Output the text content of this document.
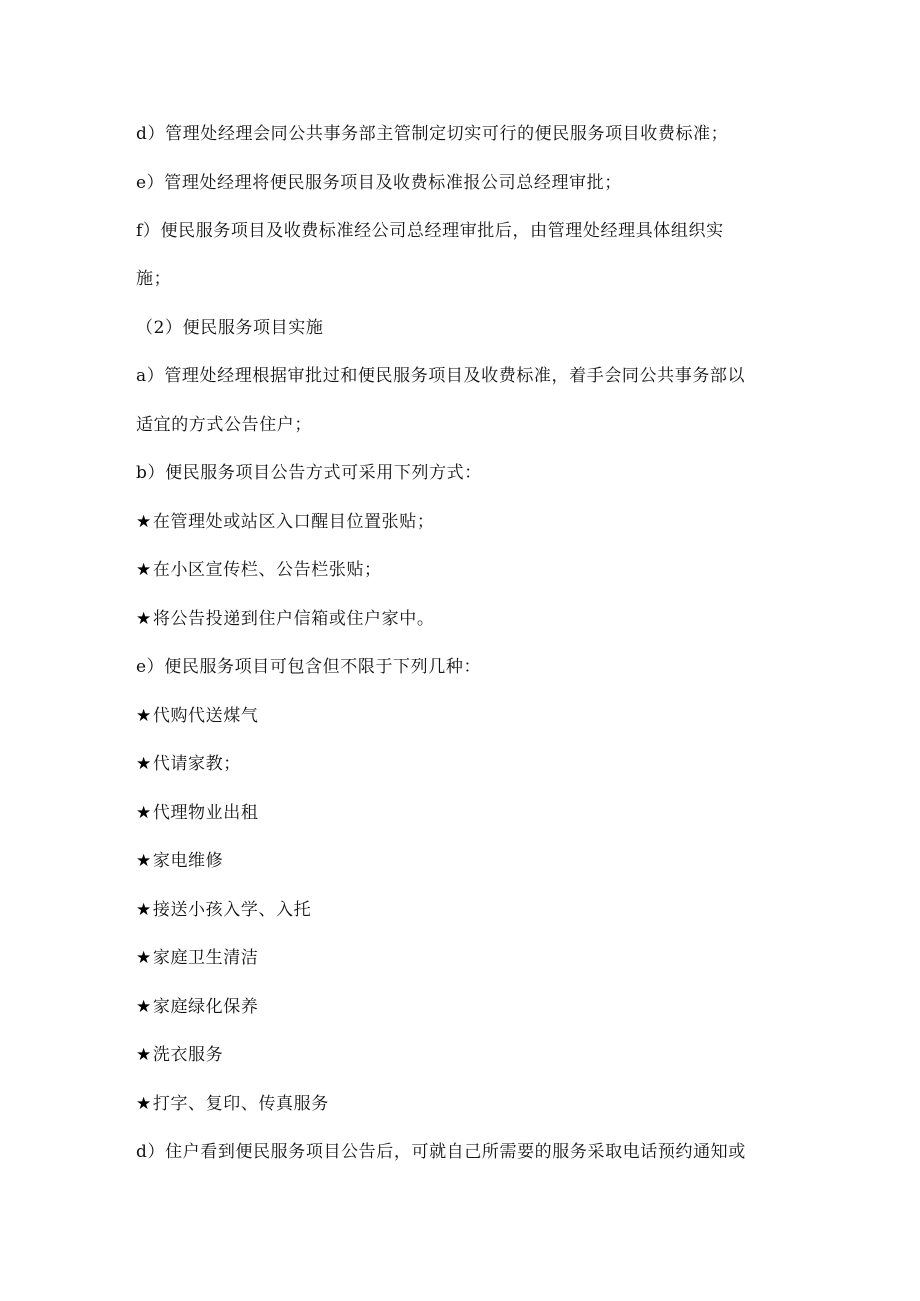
d）管理处经理会同公共事务部主管制定切实可行的便民服务项目收费标准；

e）管理处经理将便民服务项目及收费标准报公司总经理审批；

f）便民服务项目及收费标准经公司总经理审批后，由管理处经理具体组织实

施；

（2）便民服务项目实施

a）管理处经理根据审批过和便民服务项目及收费标准，着手会同公共事务部以

适宜的方式公告住户；

b）便民服务项目公告方式可采用下列方式：

★在管理处或站区入口醒目位置张贴；

★在小区宣传栏、公告栏张贴；

★将公告投递到住户信箱或住户家中。

e）便民服务项目可包含但不限于下列几种：

★代购代送煤气

★代请家教；

★代理物业出租

★家电维修

★接送小孩入学、入托

★家庭卫生清洁

★家庭绿化保养

★洗衣服务

★打字、复印、传真服务

d）住户看到便民服务项目公告后，可就自己所需要的服务采取电话预约通知或
